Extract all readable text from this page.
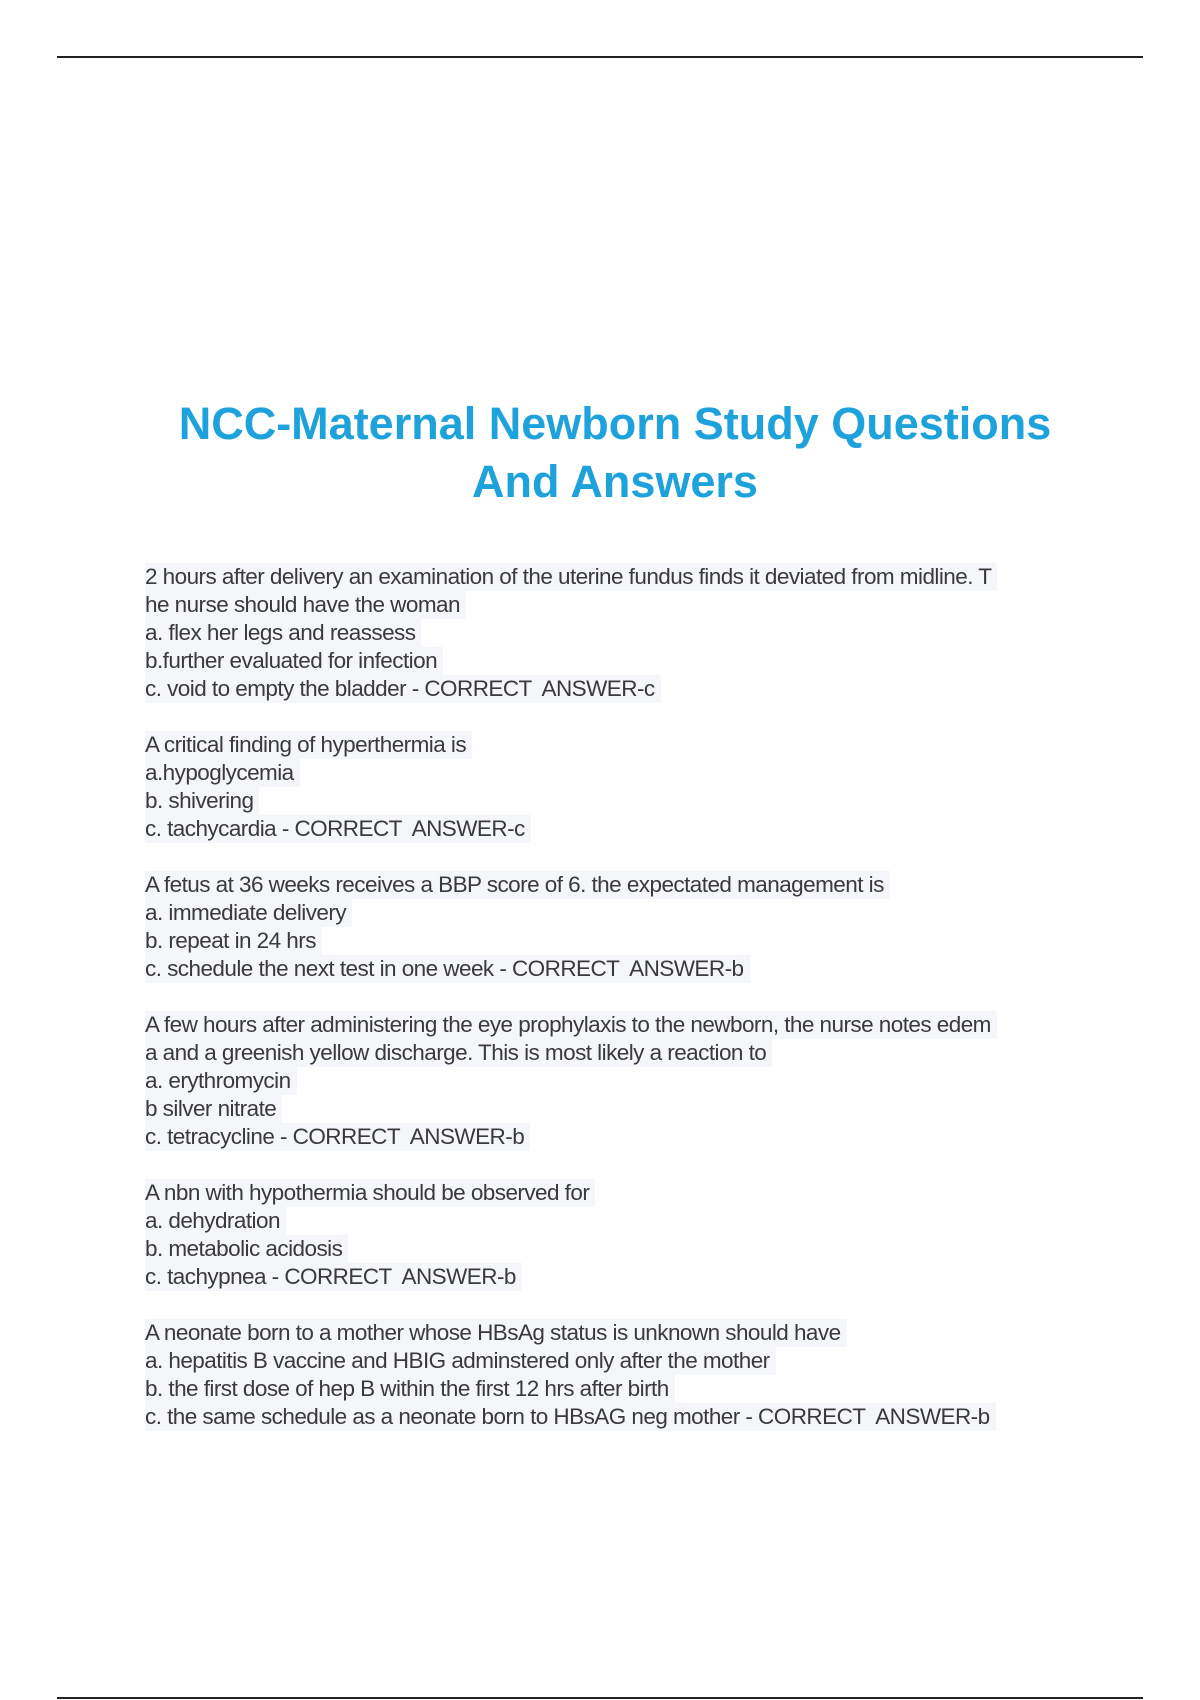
NCC-Maternal Newborn Study Questions
And Answers
2 hours after delivery an examination of the uterine fundus finds it deviated from midline. T
he nurse should have the woman
a. flex her legs and reassess
b.further evaluated for infection
c. void to empty the bladder - CORRECT  ANSWER-c
A critical finding of hyperthermia is
a.hypoglycemia
b. shivering
c. tachycardia - CORRECT  ANSWER-c
A fetus at 36 weeks receives a BBP score of 6. the expectated management is
a. immediate delivery
b. repeat in 24 hrs
c. schedule the next test in one week - CORRECT  ANSWER-b
A few hours after administering the eye prophylaxis to the newborn, the nurse notes edem
a and a greenish yellow discharge. This is most likely a reaction to
a. erythromycin
b silver nitrate
c. tetracycline - CORRECT  ANSWER-b
A nbn with hypothermia should be observed for
a. dehydration
b. metabolic acidosis
c. tachypnea - CORRECT  ANSWER-b
A neonate born to a mother whose HBsAg status is unknown should have
a. hepatitis B vaccine and HBIG adminstered only after the mother
b. the first dose of hep B within the first 12 hrs after birth
c. the same schedule as a neonate born to HBsAG neg mother - CORRECT  ANSWER-b
